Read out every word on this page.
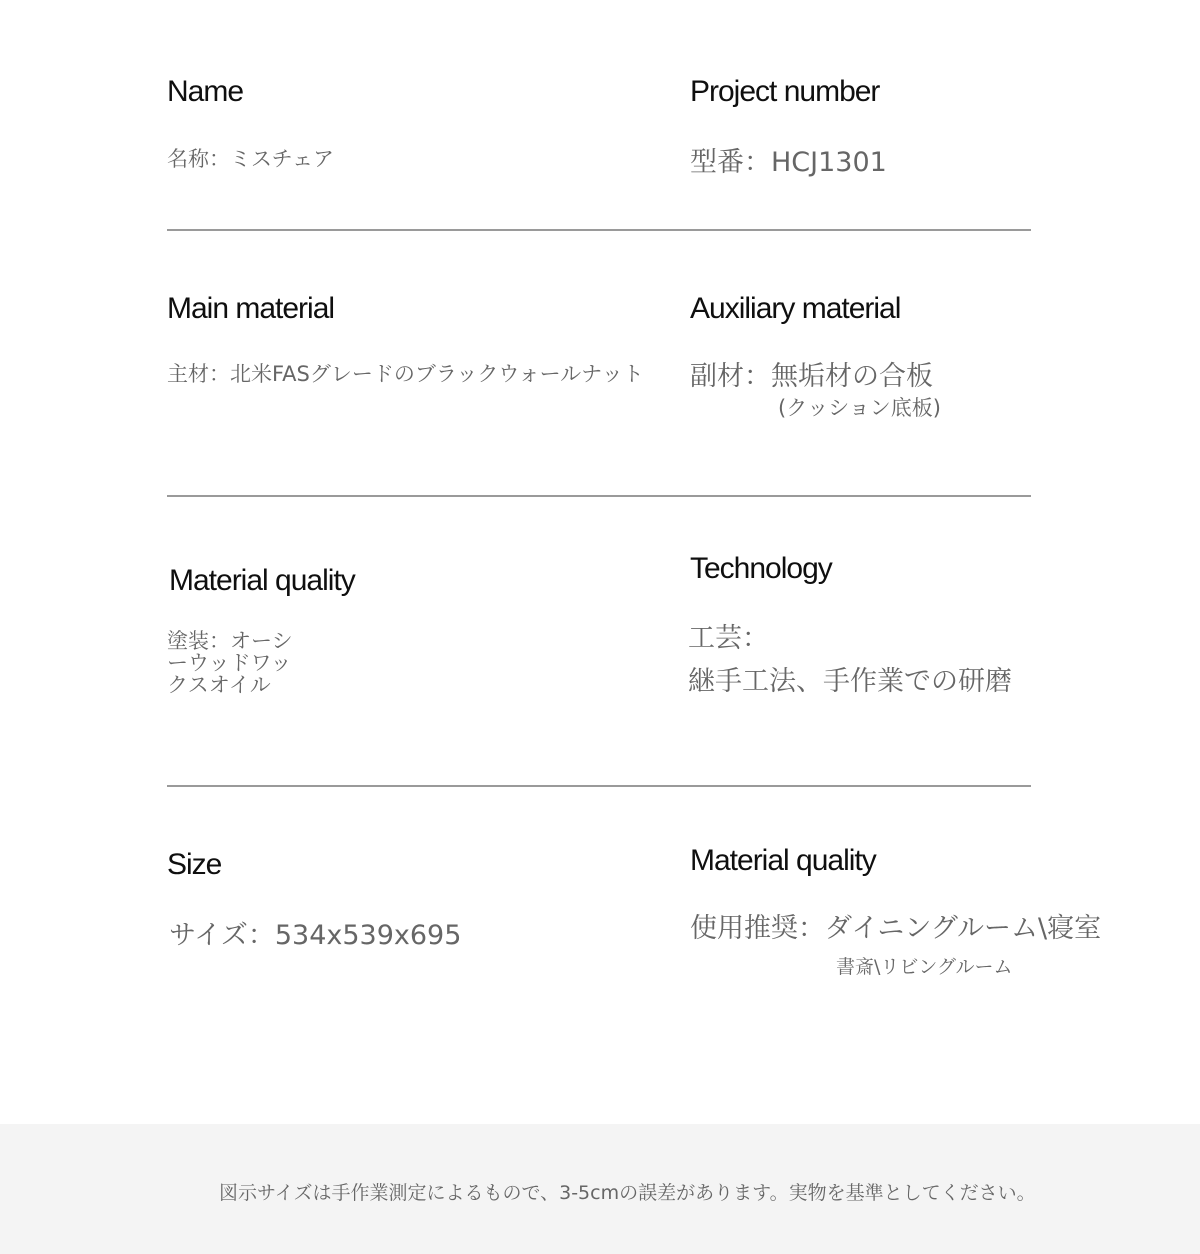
Name
名称：ミスチェア
Project number
型番：HCJ1301
Main material
主材：北米FASグレードのブラックウォールナット
Auxiliary material
副材：無垢材の合板
(クッション底板)
Material quality
塗装：オーシ
ーウッドワッ
クスオイル
Technology
工芸：
継手工法、手作業での研磨
Size
サイズ：534x539x695
Material quality
使用推奨：ダイニングルーム\寝室
書斎\リビングルーム
図示サイズは手作業測定によるもので、3-5cmの誤差があります。実物を基準としてください。
